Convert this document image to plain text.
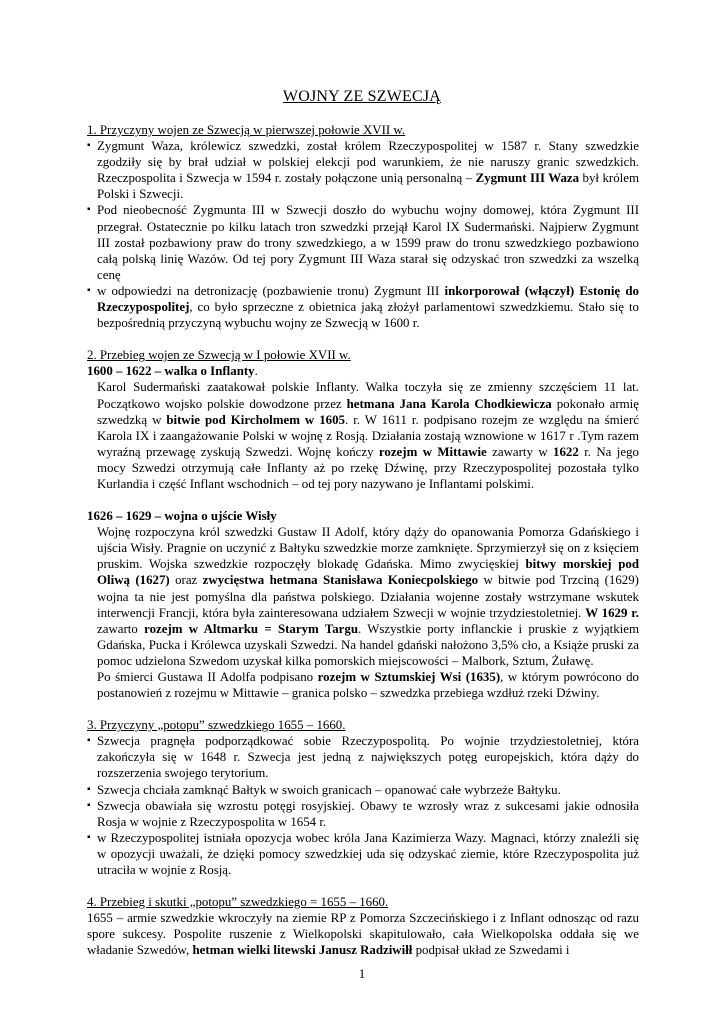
WOJNY ZE SZWECJĄ

1. Przyczyny wojen ze Szwecją w pierwszej połowie XVII w.

▪ Zygmunt Waza, królewicz szwedzki, został królem Rzeczypospolitej w 1587 r. Stany szwedzkie zgodziły się by brał udział w polskiej elekcji pod warunkiem, że nie naruszy granic szwedzkich. Rzeczpospolita i Szwecja w 1594 r. zostały połączone unią personalną – Zygmunt III Waza był królem Polski i Szwecji.
▪ Pod nieobecność Zygmunta III w Szwecji doszło do wybuchu wojny domowej, która Zygmunt III przegrał. Ostatecznie po kilku latach tron szwedzki przejął Karol IX Sudermański. Najpierw Zygmunt III został pozbawiony praw do trony szwedzkiego, a w 1599 praw do tronu szwedzkiego pozbawiono całą polską linię Wazów. Od tej pory Zygmunt III Waza starał się odzyskać tron szwedzki za wszelką cenę
▪ w odpowiedzi na detronizację (pozbawienie tronu) Zygmunt III inkorporował (włączył) Estonię do Rzeczypospolitej, co było sprzeczne z obietnica jaką złożył parlamentowi szwedzkiemu. Stało się to bezpośrednią przyczyną wybuchu wojny ze Szwecją w 1600 r.

2. Przebieg wojen ze Szwecją w I połowie XVII w.

1600 – 1622 – walka o Inflanty.

Karol Sudermański zaatakował polskie Inflanty. Walka toczyła się ze zmienny szczęściem 11 lat. Początkowo wojsko polskie dowodzone przez hetmana Jana Karola Chodkiewicza pokonało armię szwedzką w bitwie pod Kircholmem w 1605. r. W 1611 r. podpisano rozejm ze względu na śmierć Karola IX i zaangażowanie Polski w wojnę z Rosją. Działania zostają wznowione w 1617 r .Tym razem wyraźną przewagę zyskują Szwedzi. Wojnę kończy rozejm w Mittawie zawarty w 1622 r. Na jego mocy Szwedzi otrzymują całe Inflanty aż po rzekę Dźwinę, przy Rzeczypospolitej pozostała tylko Kurlandia i część Inflant wschodnich – od tej pory nazywano je Inflantami polskimi.

1626 – 1629 – wojna o ujście Wisły

Wojnę rozpoczyna król szwedzki Gustaw II Adolf, który dąży do opanowania Pomorza Gdańskiego i ujścia Wisły. Pragnie on uczynić z Bałtyku szwedzkie morze zamknięte. Sprzymierzył się on z księciem pruskim. Wojska szwedzkie rozpoczęły blokadę Gdańska. Mimo zwycięskiej bitwy morskiej pod Oliwą (1627) oraz zwycięstwa hetmana Stanisława Koniecpolskiego w bitwie pod Trzciną (1629) wojna ta nie jest pomyślna dla państwa polskiego. Działania wojenne zostały wstrzymane wskutek interwencji Francji, która była zainteresowana udziałem Szwecji w wojnie trzydziestoletniej. W 1629 r. zawarto rozejm w Altmarku = Starym Targu. Wszystkie porty inflanckie i pruskie z wyjątkiem Gdańska, Pucka i Królewca uzyskali Szwedzi. Na handel gdański nałożono 3,5% cło, a Książe pruski za pomoc udzielona Szwedom uzyskał kilka pomorskich miejscowości – Malbork, Sztum, Żuławę.

Po śmierci Gustawa II Adolfa podpisano rozejm w Sztumskiej Wsi (1635), w którym powrócono do postanowień z rozejmu w Mittawie – granica polsko – szwedzka przebiega wzdłuż rzeki Dźwiny.

3. Przyczyny „potopu” szwedzkiego 1655 – 1660.

▪ Szwecja pragnęła podporządkować sobie Rzeczypospolitą. Po wojnie trzydziestoletniej, która zakończyła się w 1648 r. Szwecja jest jedną z największych potęg europejskich, która dąży do rozszerzenia swojego terytorium.
▪ Szwecja chciała zamknąć Bałtyk w swoich granicach – opanować całe wybrzeże Bałtyku.
▪ Szwecja obawiała się wzrostu potęgi rosyjskiej. Obawy te wzrosły wraz z sukcesami jakie odnosiła Rosja w wojnie z Rzeczypospolita w 1654 r.
▪ w Rzeczypospolitej istniała opozycja wobec króla Jana Kazimierza Wazy. Magnaci, którzy znaleźli się w opozycji uważali, że dzięki pomocy szwedzkiej uda się odzyskać ziemie, które Rzeczypospolita już utraciła w wojnie z Rosją.

4. Przebieg i skutki „potopu” szwedzkiego = 1655 – 1660.

1655 – armie szwedzkie wkroczyły na ziemie RP z Pomorza Szczecińskiego i z Inflant odnosząc od razu spore sukcesy. Pospolite ruszenie z Wielkopolski skapitulowało, cała Wielkopolska oddała się we władanie Szwedów, hetman wielki litewski Janusz Radziwiłł podpisał układ ze Szwedami i

1
